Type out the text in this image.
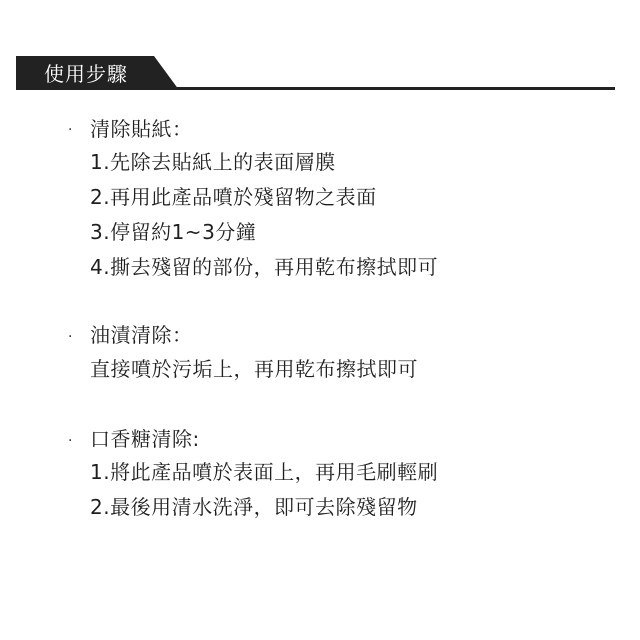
使用步驟
· 清除貼紙：
1.先除去貼紙上的表面層膜
2.再用此產品噴於殘留物之表面
3.停留約1~3分鐘
4.撕去殘留的部份，再用乾布擦拭即可
· 油漬清除：
直接噴於污垢上，再用乾布擦拭即可
· 口香糖清除:
1.將此產品噴於表面上，再用毛刷輕刷
2.最後用清水洗淨，即可去除殘留物
